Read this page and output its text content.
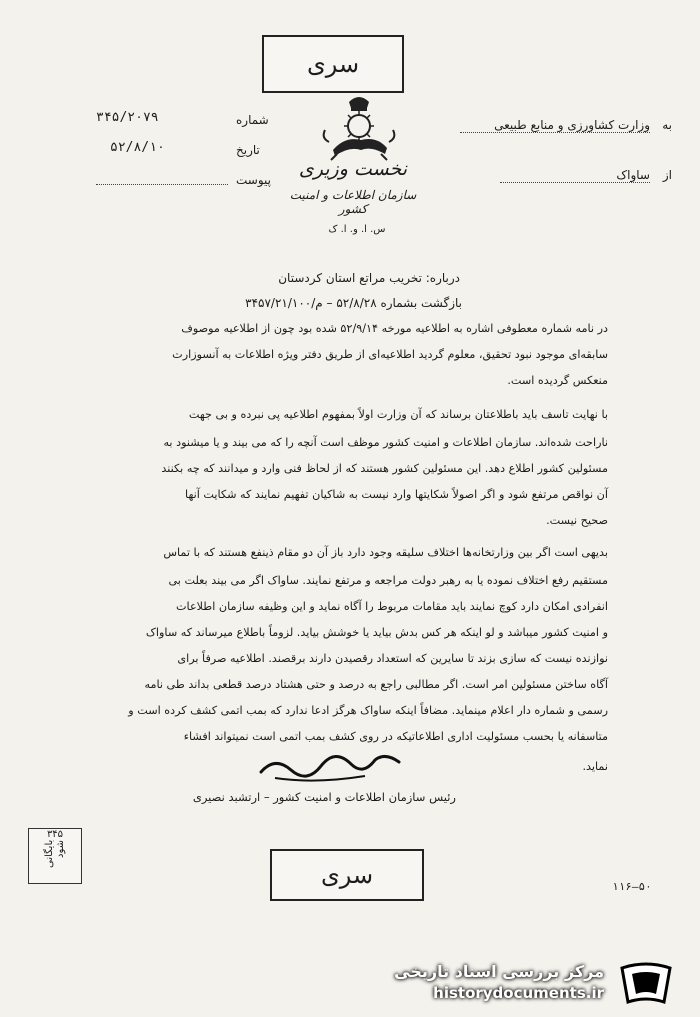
سری
نخست وزیری
سازمان اطلاعات و امنیت کشور
س. ا. و. ا. ک
به
وزارت کشاورزی و منابع طبیعی
از
ساواک
شماره
۳۴۵/۲۰۷۹
تاریخ
۵۲/۸/۱۰
پیوست
درباره: تخریب مراتع استان کردستان
بازگشت بشماره ۵۲/۸/۲۸ – م/۳۴۵۷/۲۱/۱۰۰
در نامه شماره معطوفی اشاره به اطلاعیه مورخه ۵۲/۹/۱۴ شده بود چون از اطلاعیه موصوف
سابقه‌ای موجود نبود تحقیق، معلوم گردید اطلاعیه‌ای از طریق دفتر ویژه اطلاعات به آنسوزارت
منعکس گردیده است.
با نهایت تاسف باید باطلاعتان برساند که آن وزارت اولاً بمفهوم اطلاعیه پی نبرده و بی جهت
ناراحت شده‌اند. سازمان اطلاعات و امنیت کشور موظف است آنچه را که می بیند و یا میشنود به
مسئولین کشور اطلاع دهد. این مسئولین کشور هستند که از لحاظ فنی وارد و میدانند که چه بکنند
آن نواقص مرتفع شود و اگر اصولاً شکایتها وارد نیست به شاکیان تفهیم نمایند که شکایت آنها
صحیح نیست.
بدیهی است اگر بین وزارتخانه‌ها اختلاف سلیقه وجود دارد باز آن دو مقام ذینفع هستند که با تماس
مستقیم رفع اختلاف نموده یا به رهبر دولت مراجعه و مرتفع نمایند. ساواک اگر می بیند بعلت بی
انفرادی امکان دارد کوچ نمایند باید مقامات مربوط را آگاه نماید و این وظیفه سازمان اطلاعات
و امنیت کشور میباشد و لو اینکه هر کس بدش بیاید یا خوشش بیاید. لزوماً باطلاع میرساند که ساواک
نوازنده نیست که سازی بزند تا سایرین که استعداد رقصیدن دارند برقصند. اطلاعیه صرفاً برای
آگاه ساختن مسئولین امر است. اگر مطالبی راجع به درصد و حتی هشتاد درصد قطعی بداند طی نامه
رسمی و شماره دار اعلام مینماید. مضافاً اینکه ساواک هرگز ادعا ندارد که بمب اتمی کشف کرده است و
متاسفانه یا بحسب مسئولیت اداری اطلاعاتیکه در روی کشف بمب اتمی است نمیتواند افشاء
نماید.
رئیس سازمان اطلاعات و امنیت کشور – ارتشبد نصیری
۳۴۵
بایگانی شود
سری	۱۱۶–۵۰
مرکز بررسی اسناد تاریخی
historydocuments.ir
